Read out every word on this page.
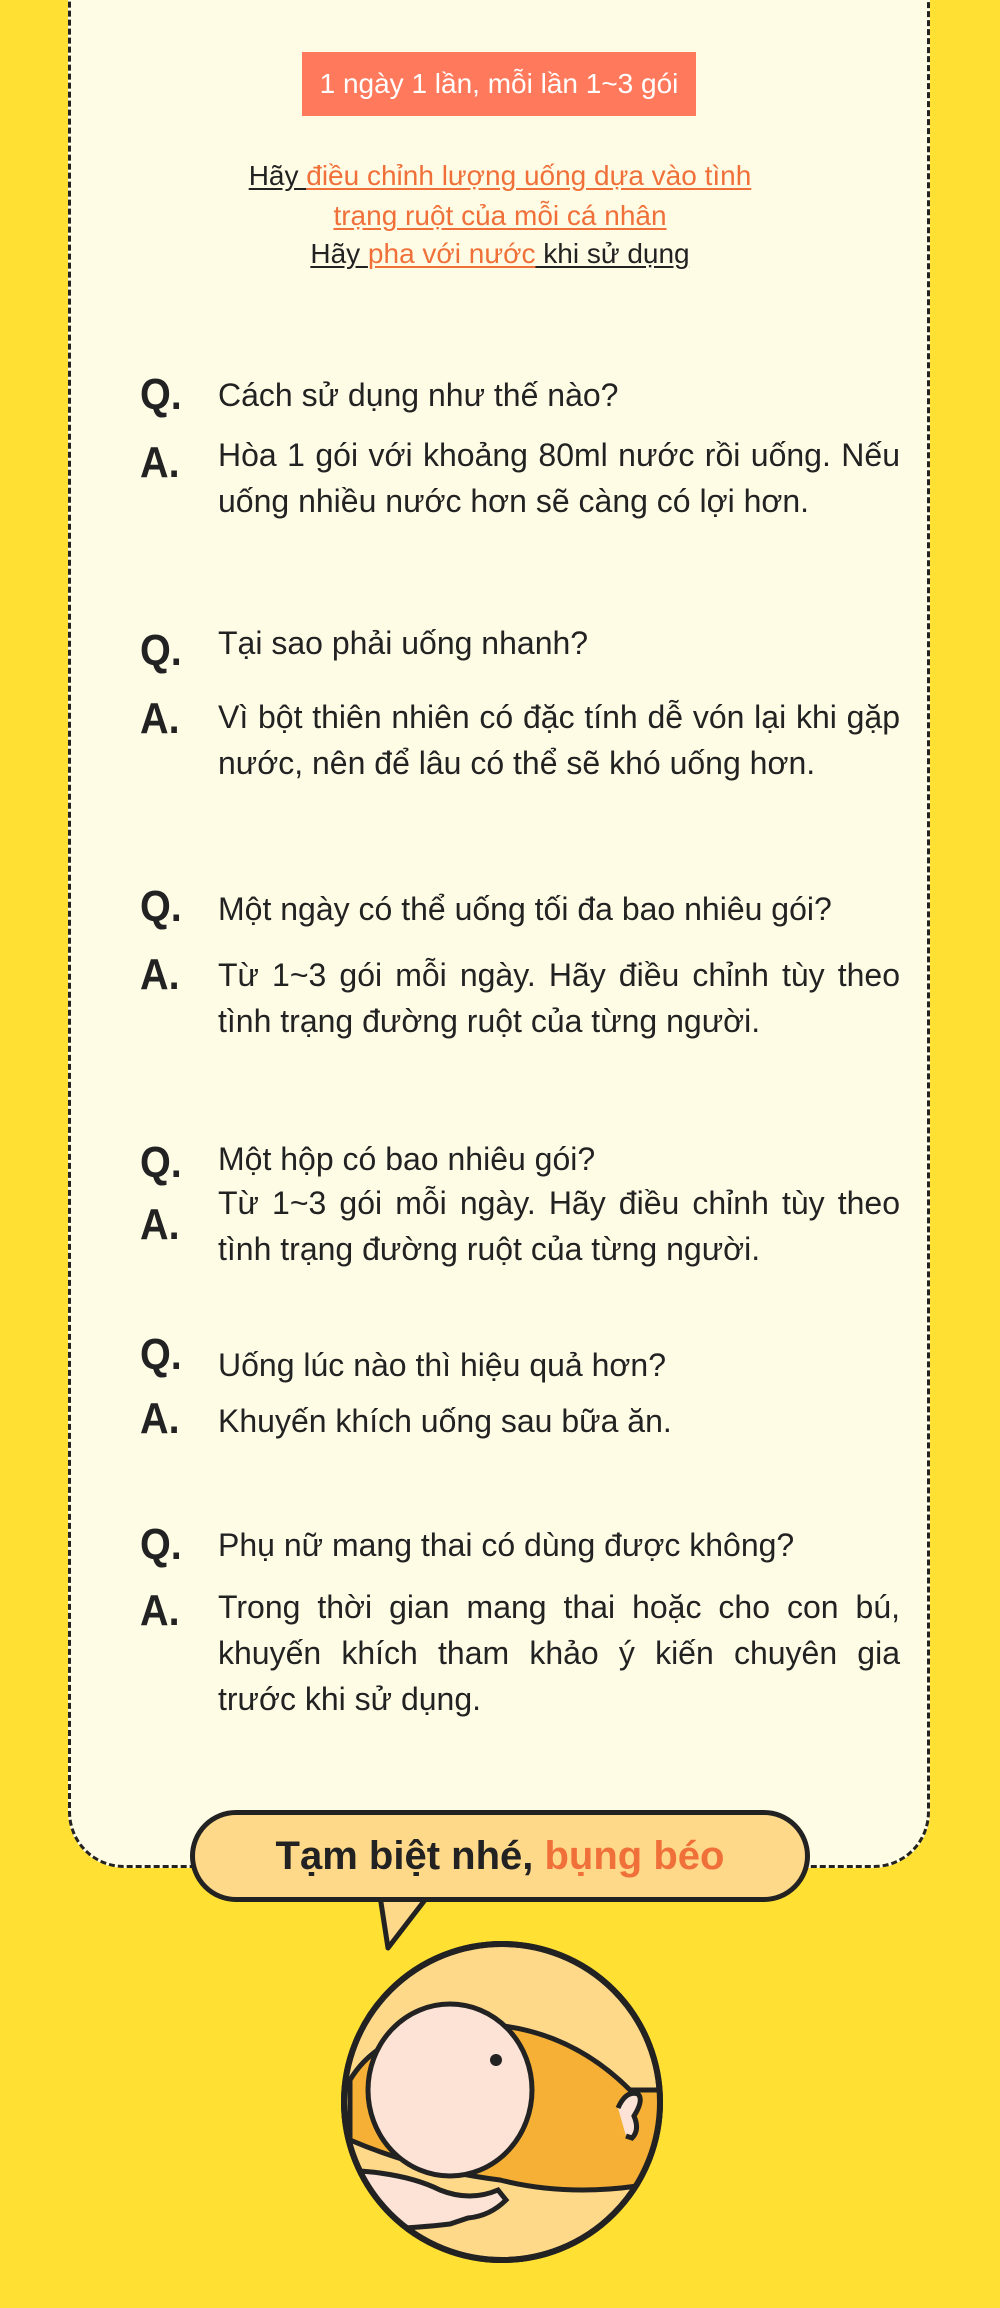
1 ngày 1 lần, mỗi lần 1~3 gói
Hãy điều chỉnh lượng uống dựa vào tình
trạng ruột của mỗi cá nhân
Hãy pha với nước khi sử dụng
Q. Cách sử dụng như thế nào?
A. Hòa 1 gói với khoảng 80ml nước rồi uống. Nếu uống nhiều nước hơn sẽ càng có lợi hơn.
Q. Tại sao phải uống nhanh?
A. Vì bột thiên nhiên có đặc tính dễ vón lại khi gặp nước, nên để lâu có thể sẽ khó uống hơn.
Q. Một ngày có thể uống tối đa bao nhiêu gói?
A. Từ 1~3 gói mỗi ngày. Hãy điều chỉnh tùy theo tình trạng đường ruột của từng người.
Q. Một hộp có bao nhiêu gói?
A. Từ 1~3 gói mỗi ngày. Hãy điều chỉnh tùy theo tình trạng đường ruột của từng người.
Q. Uống lúc nào thì hiệu quả hơn?
A. Khuyến khích uống sau bữa ăn.
Q. Phụ nữ mang thai có dùng được không?
A. Trong thời gian mang thai hoặc cho con bú, khuyến khích tham khảo ý kiến chuyên gia trước khi sử dụng.
Tạm biệt nhé, bụng béo
